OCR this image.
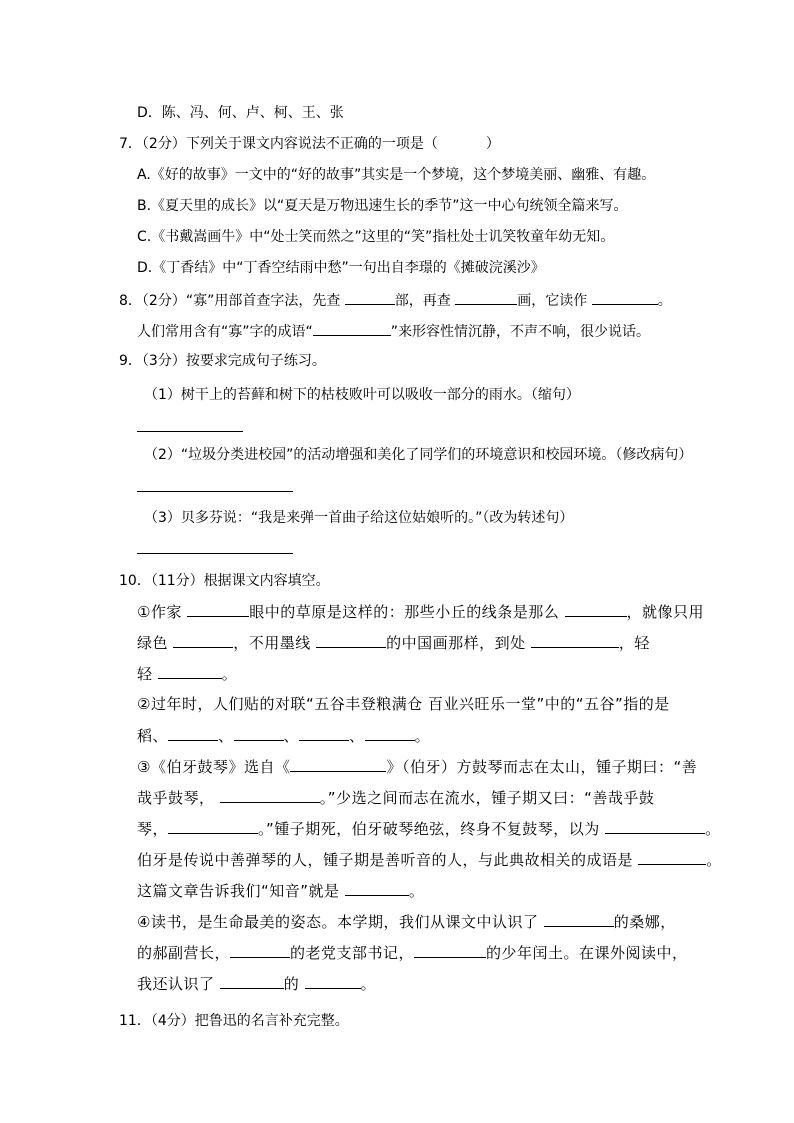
D．陈、冯、何、卢、柯、王、张
7．（2分）下列关于课文内容说法不正确的一项是（	）
A.《好的故事》一文中的“好的故事”其实是一个梦境，这个梦境美丽、幽雅、有趣。
B.《夏天里的成长》以“夏天是万物迅速生长的季节”这一中心句统领全篇来写。
C.《书戴嵩画牛》中“处士笑而然之”这里的“笑”指杜处士讥笑牧童年幼无知。
D.《丁香结》中“丁香空结雨中愁”一句出自李璟的《摊破浣溪沙》
8．（2分）“寡”用部首查字法，先查	部，再查	画，它读作	。
人们常用含有“寡”字的成语“	”来形容性情沉静，不声不响，很少说话。
9．（3分）按要求完成句子练习。
（1）树干上的苔藓和树下的枯枝败叶可以吸收一部分的雨水。（缩句）
（2）“垃圾分类进校园”的活动增强和美化了同学们的环境意识和校园环境。（修改病句）
（3）贝多芬说：“我是来弹一首曲子给这位姑娘听的。”（改为转述句）
10．（11分）根据课文内容填空。
①作家	眼中的草原是这样的：那些小丘的线条是那么	，就像只用
绿色	，不用墨线	的中国画那样，到处	，轻
轻	。
②过年时，人们贴的对联“五谷丰登粮满仓 百业兴旺乐一堂”中的“五谷”指的是
稻、	、	、	、	。
③《伯牙鼓琴》选自《	》（伯牙）方鼓琴而志在太山，锺子期曰：“善
哉乎鼓琴，	。”少选之间而志在流水，锺子期又曰：“善哉乎鼓
琴，	。”锺子期死，伯牙破琴绝弦，终身不复鼓琴，以为	。
伯牙是传说中善弹琴的人，锺子期是善听音的人，与此典故相关的成语是	。
这篇文章告诉我们“知音”就是	。
④读书，是生命最美的姿态。本学期，我们从课文中认识了	的桑娜，
的郝副营长，	的老党支部书记，	的少年闰土。在课外阅读中，
我还认识了	的	。
11．（4分）把鲁迅的名言补充完整。
